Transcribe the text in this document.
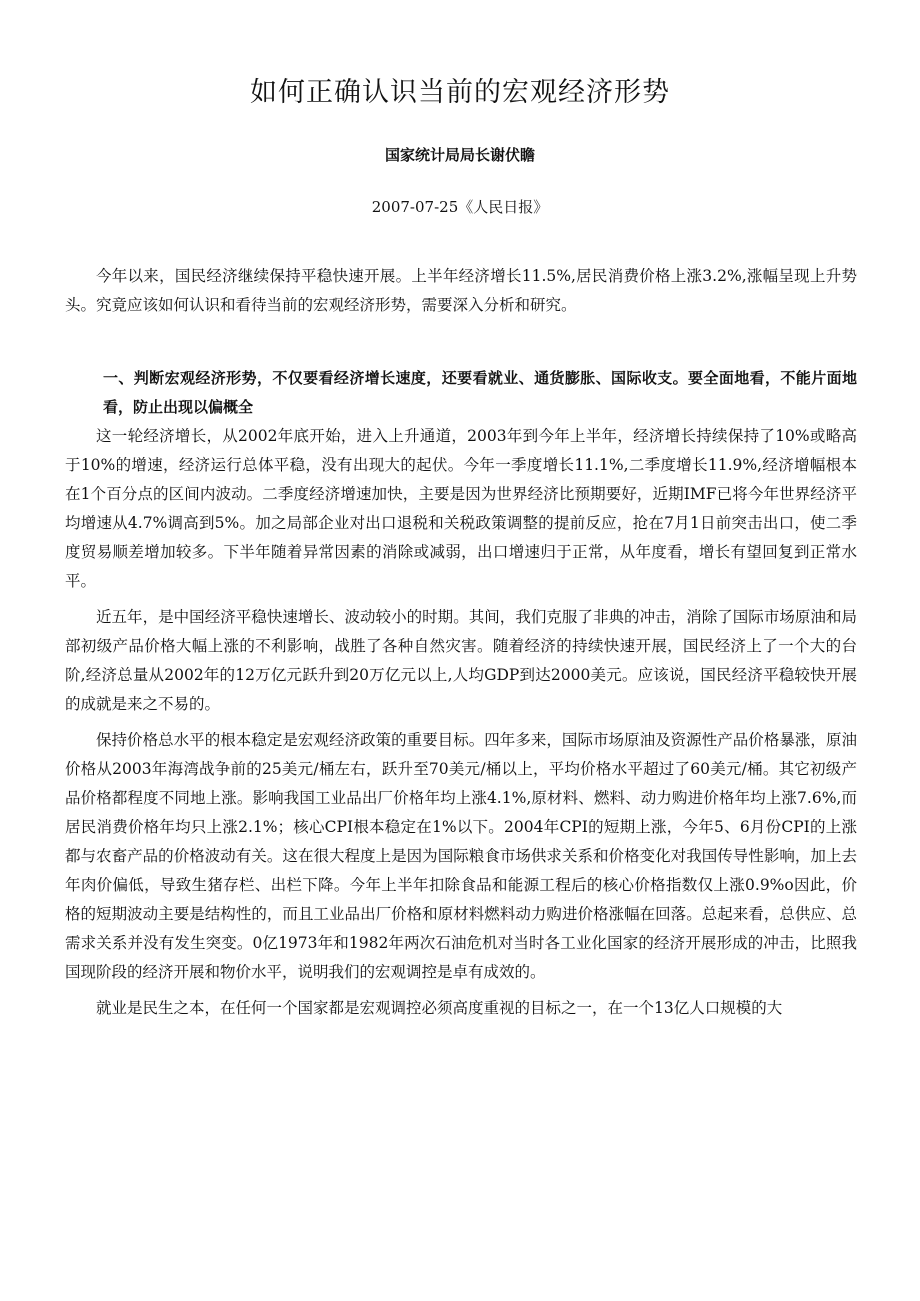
如何正确认识当前的宏观经济形势
国家统计局局长谢伏瞻
2007-07-25《人民日报》

今年以来，国民经济继续保持平稳快速开展。上半年经济增长11.5%,居民消费价格上涨3.2%,涨幅呈现上升势头。究竟应该如何认识和看待当前的宏观经济形势，需要深入分析和研究。

一、判断宏观经济形势，不仅要看经济增长速度，还要看就业、通货膨胀、国际收支。要全面地看，不能片面地看，防止出现以偏概全

这一轮经济增长，从2002年底开始，进入上升通道，2003年到今年上半年，经济增长持续保持了10%或略高于10%的增速，经济运行总体平稳，没有出现大的起伏。今年一季度增长11.1%,二季度增长11.9%,经济增幅根本在1个百分点的区间内波动。二季度经济增速加快，主要是因为世界经济比预期要好，近期IMF已将今年世界经济平均增速从4.7%调高到5%。加之局部企业对出口退税和关税政策调整的提前反应，抢在7月1日前突击出口，使二季度贸易顺差增加较多。下半年随着异常因素的消除或减弱，出口增速归于正常，从年度看，增长有望回复到正常水平。

近五年，是中国经济平稳快速增长、波动较小的时期。其间，我们克服了非典的冲击，消除了国际市场原油和局部初级产品价格大幅上涨的不利影响，战胜了各种自然灾害。随着经济的持续快速开展，国民经济上了一个大的台阶,经济总量从2002年的12万亿元跃升到20万亿元以上,人均GDP到达2000美元。应该说，国民经济平稳较快开展的成就是来之不易的。

保持价格总水平的根本稳定是宏观经济政策的重要目标。四年多来，国际市场原油及资源性产品价格暴涨，原油价格从2003年海湾战争前的25美元/桶左右，跃升至70美元/桶以上，平均价格水平超过了60美元/桶。其它初级产品价格都程度不同地上涨。影响我国工业品出厂价格年均上涨4.1%,原材料、燃料、动力购进价格年均上涨7.6%,而居民消费价格年均只上涨2.1%；核心CPI根本稳定在1%以下。2004年CPI的短期上涨，今年5、6月份CPI的上涨都与农畜产品的价格波动有关。这在很大程度上是因为国际粮食市场供求关系和价格变化对我国传导性影响，加上去年肉价偏低，导致生猪存栏、出栏下降。今年上半年扣除食品和能源工程后的核心价格指数仅上涨0.9%o因此，价格的短期波动主要是结构性的，而且工业品出厂价格和原材料燃料动力购进价格涨幅在回落。总起来看，总供应、总需求关系并没有发生突变。0亿1973年和1982年两次石油危机对当时各工业化国家的经济开展形成的冲击，比照我国现阶段的经济开展和物价水平，说明我们的宏观调控是卓有成效的。

就业是民生之本，在任何一个国家都是宏观调控必须高度重视的目标之一，在一个13亿人口规模的大
